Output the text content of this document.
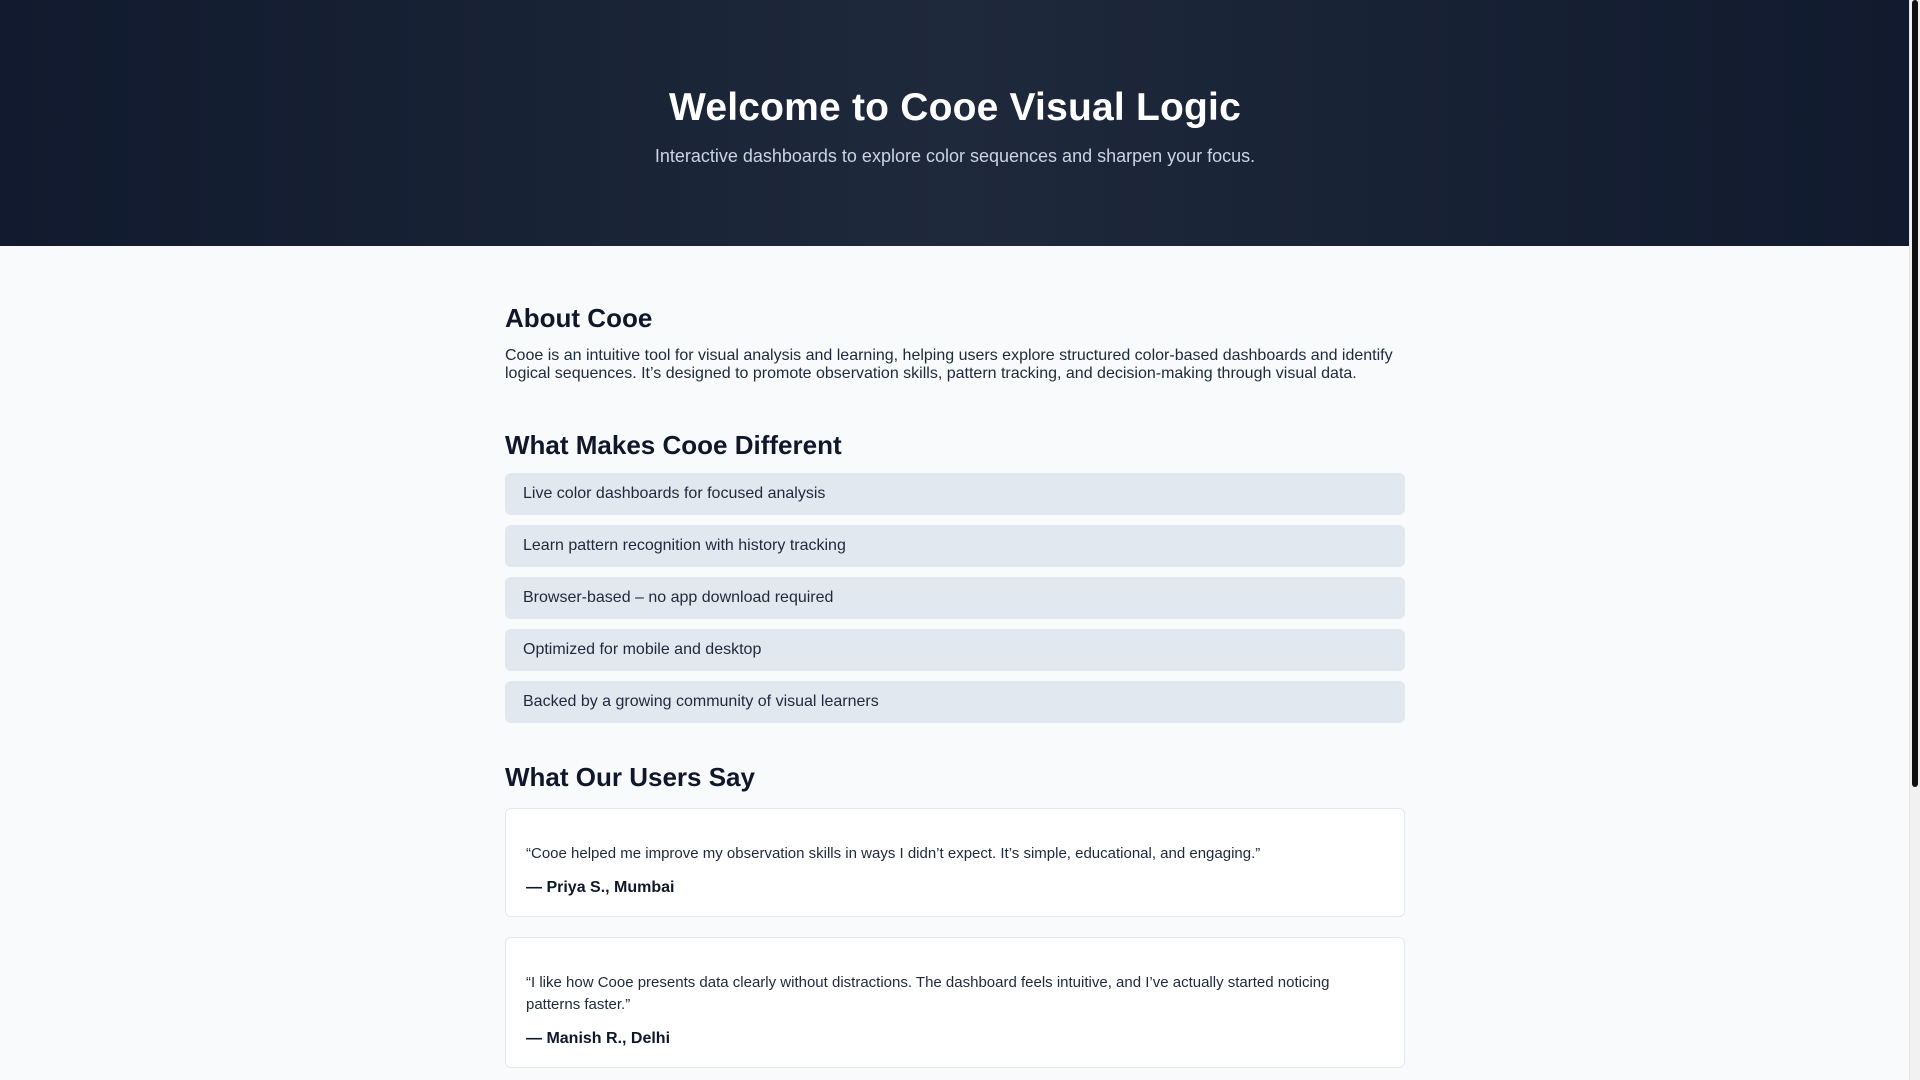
Welcome to Cooe Visual Logic

Interactive dashboards to explore color sequences and sharpen your focus.

About Cooe

Cooe is an intuitive tool for visual analysis and learning, helping users explore structured color-based dashboards and identify logical sequences. It’s designed to promote observation skills, pattern tracking, and decision-making through visual data.

What Makes Cooe Different
Live color dashboards for focused analysis
Learn pattern recognition with history tracking
Browser-based – no app download required
Optimized for mobile and desktop
Backed by a growing community of visual learners
What Our Users Say

“Cooe helped me improve my observation skills in ways I didn’t expect. It’s simple, educational, and engaging.”

— Priya S., Mumbai

“I like how Cooe presents data clearly without distractions. The dashboard feels intuitive, and I’ve actually started noticing patterns faster.”

— Manish R., Delhi
